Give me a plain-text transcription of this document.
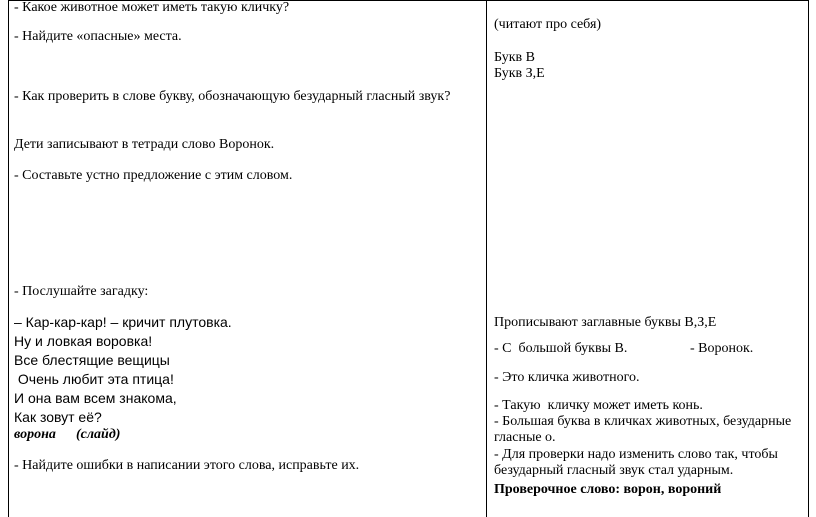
- Какое животное может иметь такую кличку?
- Найдите «опасные» места.
- Как проверить в слове букву, обозначающую безударный гласный звук?
Дети записывают в тетради слово Воронок.
- Составьте устно предложение с этим словом.
- Послушайте загадку:
– Кар-кар-кар! – кричит плутовка.
Ну и ловкая воровка!
Все блестящие вещицы
Очень любит эта птица!
И она вам всем знакома,
Как зовут её?
ворона (слайд)
- Найдите ошибки в написании этого слова, исправьте их.
(читают про себя)
Букв В
Букв З,Е
Прописывают заглавные буквы В,З,Е
- С  большой буквы В.	- Воронок.
- Это кличка животного.
- Такую  кличку может иметь конь.
- Большая буква в кличках животных, безударные
гласные о.
- Для проверки надо изменить слово так, чтобы
безударный гласный звук стал ударным.
Проверочное слово: ворон, вороний
